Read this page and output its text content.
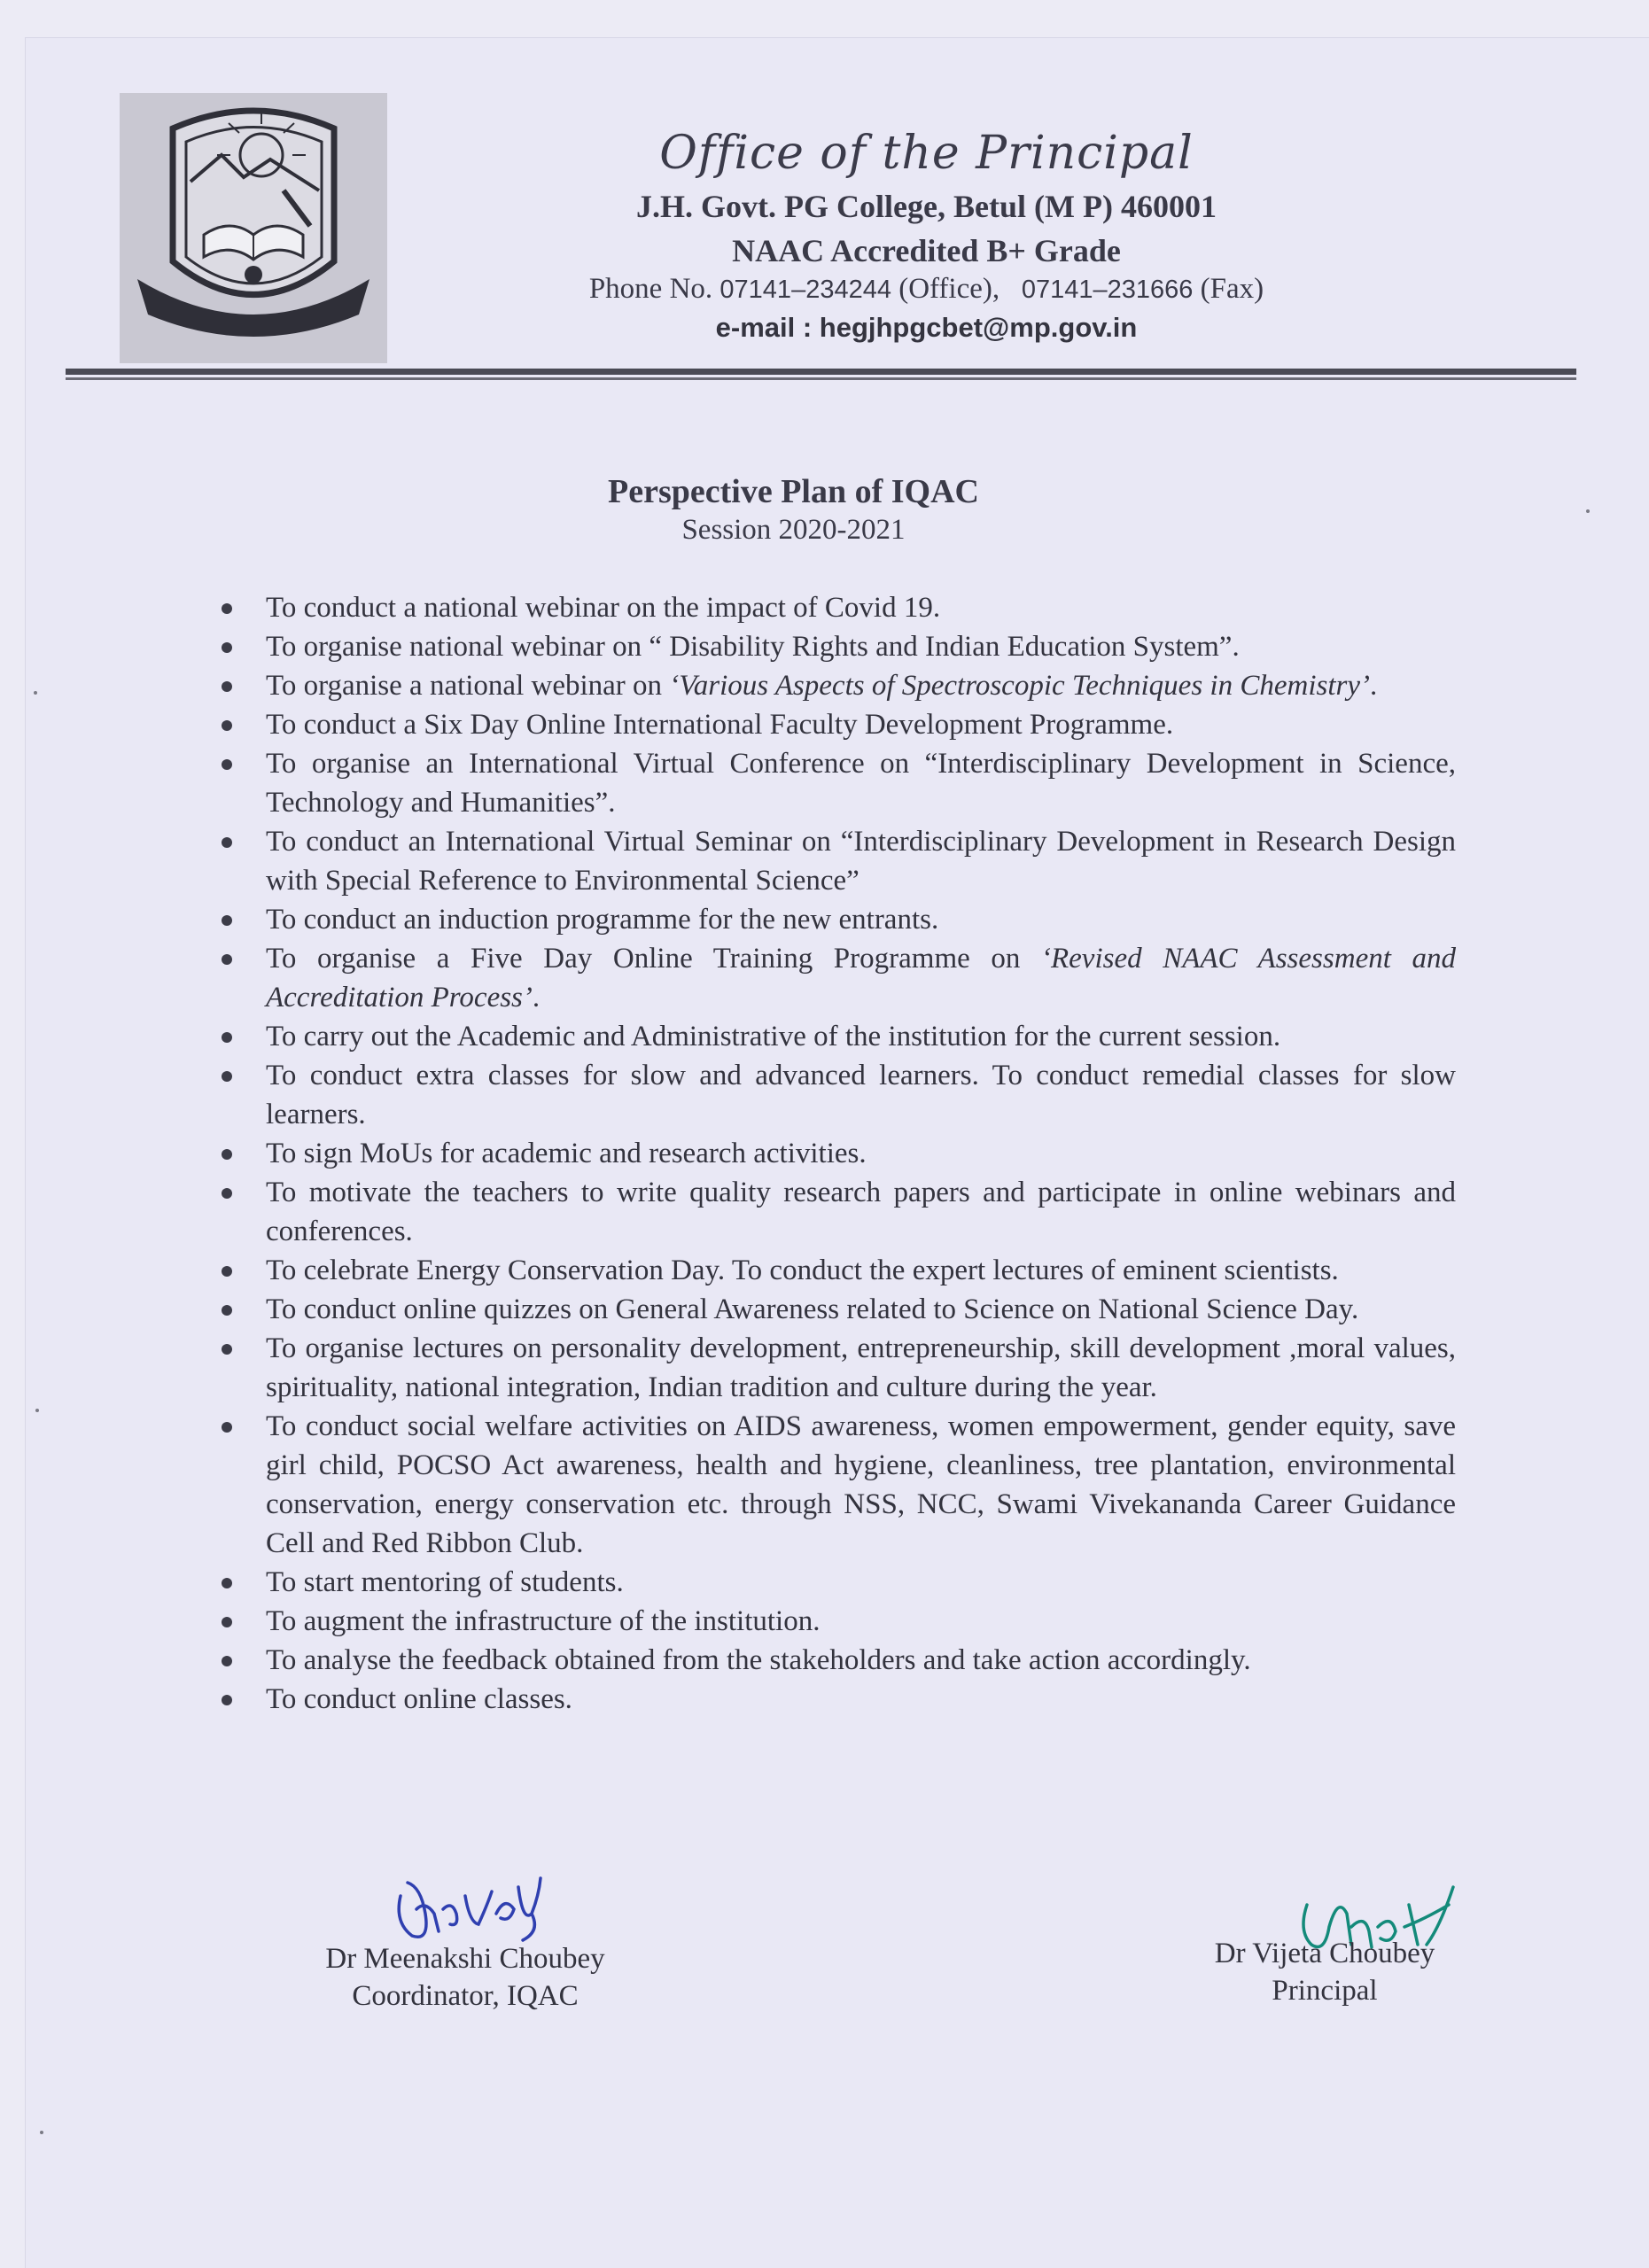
Office of the Principal
J.H. Govt. PG College, Betul (M P) 460001
NAAC Accredited B+ Grade
Phone No. 07141–234244 (Office), 07141–231666 (Fax)
e-mail : hegjhpgcbet@mp.gov.in
Perspective Plan of IQAC
Session 2020-2021
To conduct a national webinar on the impact of Covid 19.
To organise national webinar on “ Disability Rights and Indian Education System”.
To organise a national webinar on ‘Various Aspects of Spectroscopic Techniques in Chemistry’.
To conduct a Six Day Online International Faculty Development Programme.
To organise an International Virtual Conference on “Interdisciplinary Development in Science, Technology and Humanities”.
To conduct an International Virtual Seminar on “Interdisciplinary Development in Research Design with Special Reference to Environmental Science”
To conduct an induction programme for the new entrants.
To organise a Five Day Online Training Programme on ‘Revised NAAC Assessment and Accreditation Process’.
To carry out the Academic and Administrative of the institution for the current session.
To conduct extra classes for slow and advanced learners. To conduct remedial classes for slow learners.
To sign MoUs for academic and research activities.
To motivate the teachers to write quality research papers and participate in online webinars and conferences.
To celebrate Energy Conservation Day. To conduct the expert lectures of eminent scientists.
To conduct online quizzes on General Awareness related to Science on National Science Day.
To organise lectures on personality development, entrepreneurship, skill development ,moral values, spirituality, national integration, Indian tradition and culture during the year.
To conduct social welfare activities on AIDS awareness, women empowerment, gender equity, save girl child, POCSO Act awareness, health and hygiene, cleanliness, tree plantation, environmental conservation, energy conservation etc. through NSS, NCC, Swami Vivekananda Career Guidance Cell and Red Ribbon Club.
To start mentoring of students.
To augment the infrastructure of the institution.
To analyse the feedback obtained from the stakeholders and take action accordingly.
To conduct online classes.
Dr Meenakshi Choubey
Coordinator, IQAC
Dr Vijeta Choubey
Principal
